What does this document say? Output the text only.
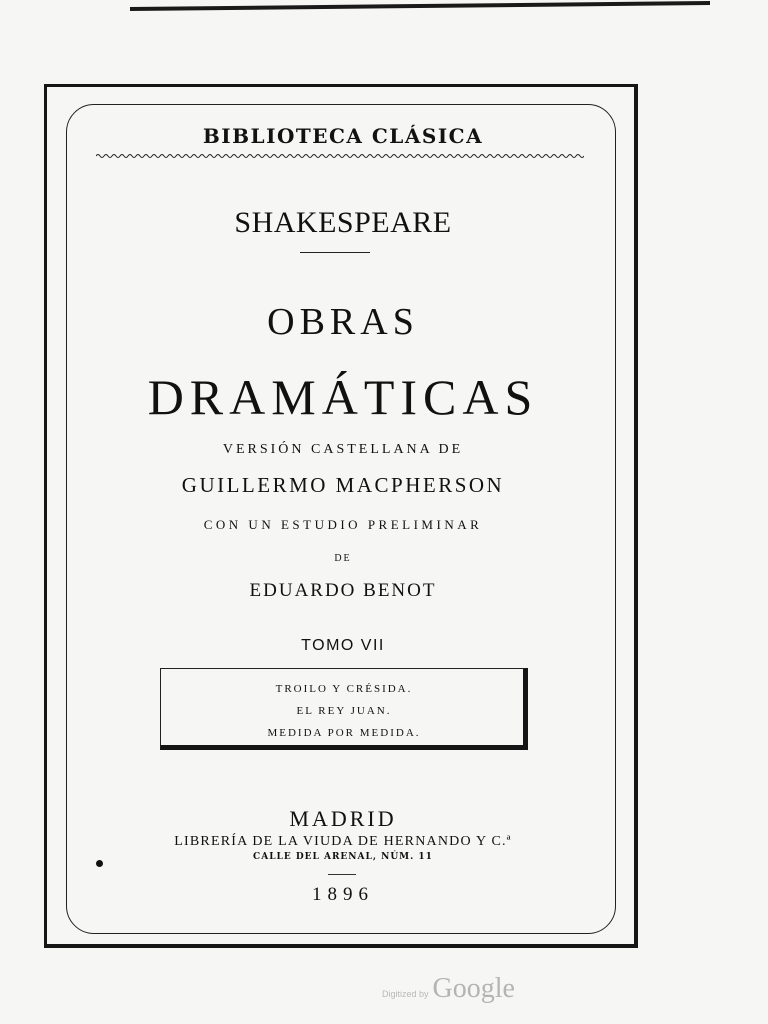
BIBLIOTECA CLÁSICA
SHAKESPEARE
OBRAS
DRAMÁTICAS
VERSIÓN CASTELLANA DE
GUILLERMO MACPHERSON
CON UN ESTUDIO PRELIMINAR
DE
EDUARDO BENOT
TOMO VII
TROILO Y CRÉSIDA.
EL REY JUAN.
MEDIDA POR MEDIDA.
MADRID
LIBRERÍA DE LA VIUDA DE HERNANDO Y C.ª
CALLE DEL ARENAL, NÚM. 11
1896
Digitized by Google
